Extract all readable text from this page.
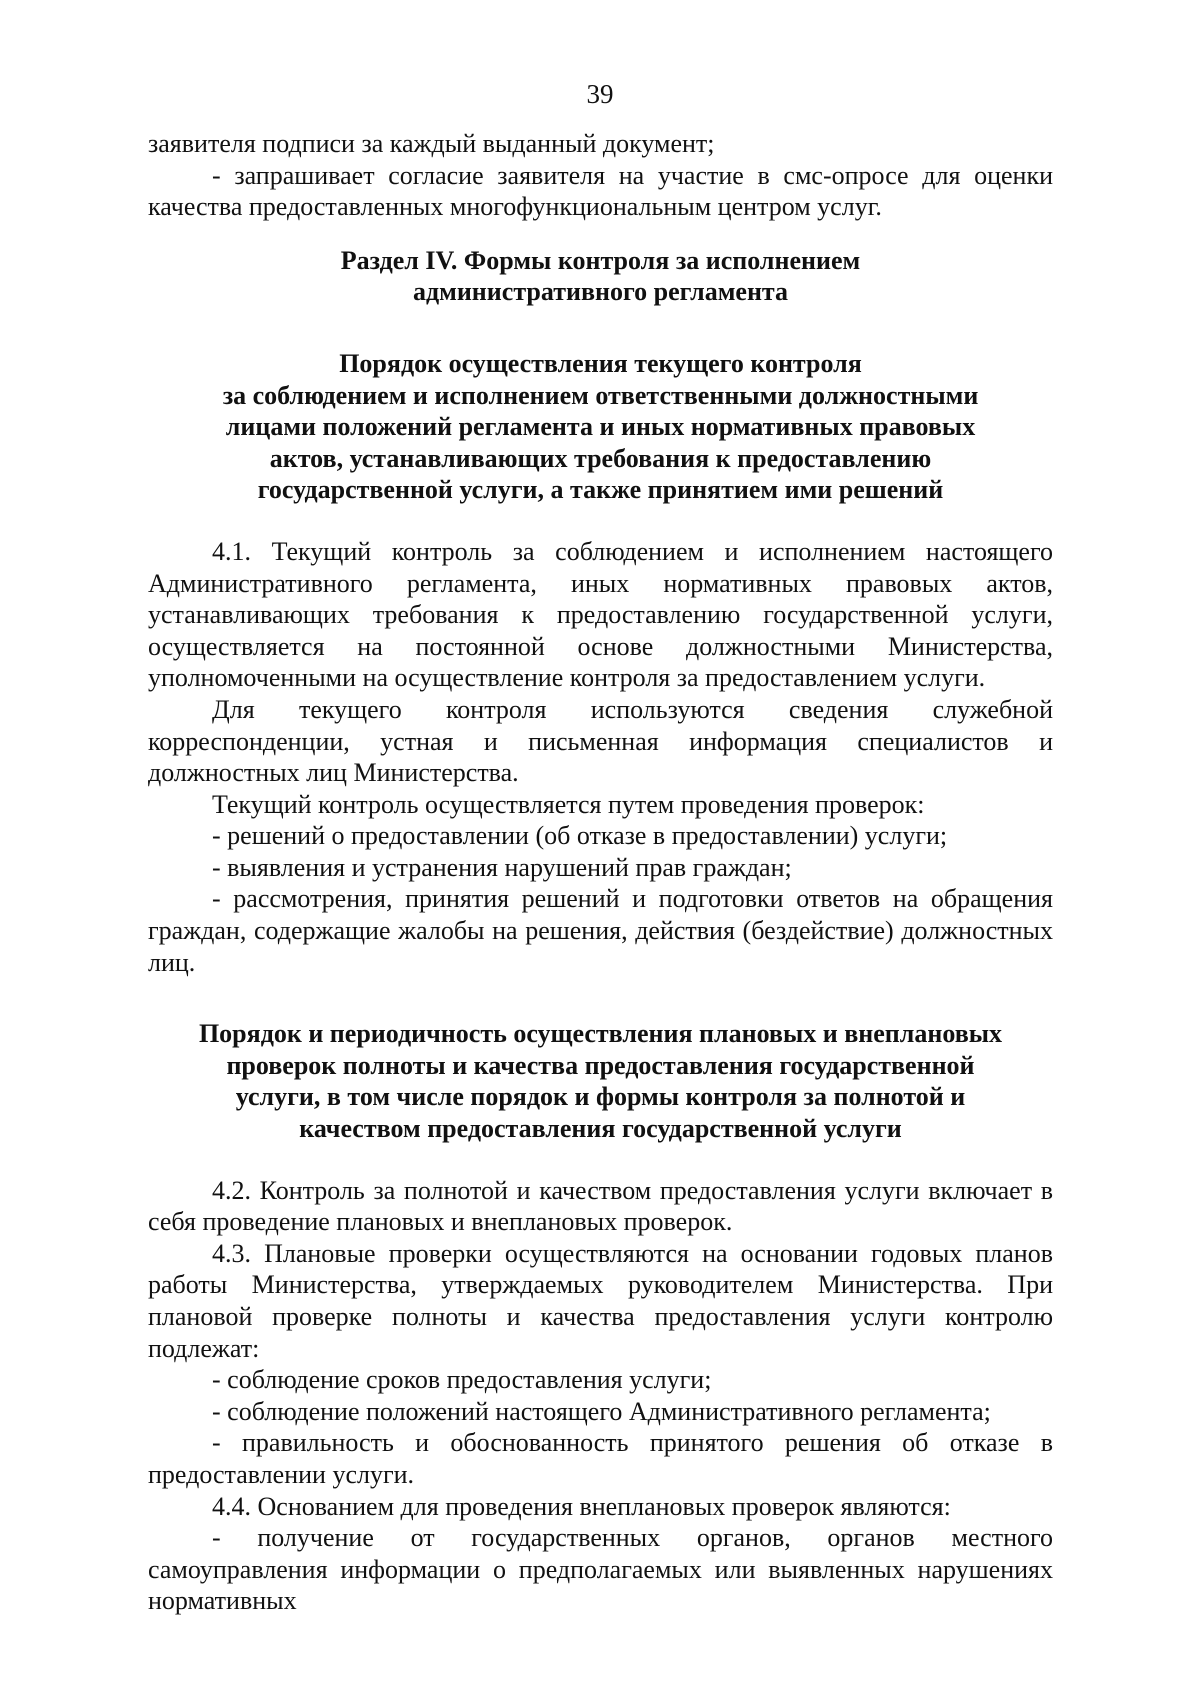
39

заявителя подписи за каждый выданный документ;

- запрашивает согласие заявителя на участие в смс-опросе для оценки качества предоставленных многофункциональным центром услуг.

Раздел IV. Формы контроля за исполнением
административного регламента
Порядок осуществления текущего контроля
за соблюдением и исполнением ответственными должностными
лицами положений регламента и иных нормативных правовых
актов, устанавливающих требования к предоставлению
государственной услуги, а также принятием ими решений

4.1. Текущий контроль за соблюдением и исполнением настоящего Административного регламента, иных нормативных правовых актов, устанавливающих требования к предоставлению государственной услуги, осуществляется на постоянной основе должностными Министерства, уполномоченными на осуществление контроля за предоставлением услуги.

Для текущего контроля используются сведения служебной корреспонденции, устная и письменная информация специалистов и должностных лиц Министерства.

Текущий контроль осуществляется путем проведения проверок:

- решений о предоставлении (об отказе в предоставлении) услуги;

- выявления и устранения нарушений прав граждан;

- рассмотрения, принятия решений и подготовки ответов на обращения граждан, содержащие жалобы на решения, действия (бездействие) должностных лиц.

Порядок и периодичность осуществления плановых и внеплановых
проверок полноты и качества предоставления государственной
услуги, в том числе порядок и формы контроля за полнотой и
качеством предоставления государственной услуги

4.2. Контроль за полнотой и качеством предоставления услуги включает в себя проведение плановых и внеплановых проверок.

4.3. Плановые проверки осуществляются на основании годовых планов работы Министерства, утверждаемых руководителем Министерства. При плановой проверке полноты и качества предоставления услуги контролю подлежат:

- соблюдение сроков предоставления услуги;

- соблюдение положений настоящего Административного регламента;

- правильность и обоснованность принятого решения об отказе в предоставлении услуги.

4.4. Основанием для проведения внеплановых проверок являются:

- получение от государственных органов, органов местного самоуправления информации о предполагаемых или выявленных нарушениях нормативных
